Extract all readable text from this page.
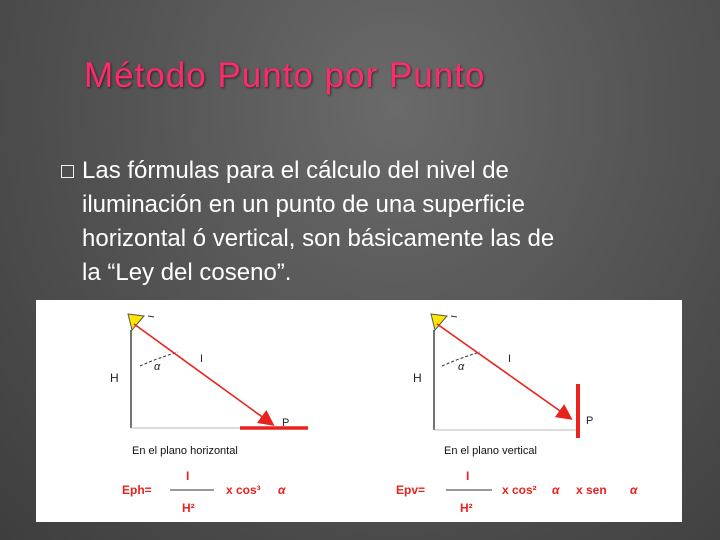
Método Punto por Punto
Las fórmulas para el cálculo del nivel de
iluminación en un punto de una superficie
horizontal ó vertical, son básicamente las de
la “Ley del coseno”.
H
I
α
P
En el plano horizontal
Eph=
I
H²
x cos³ α
H
I
α
P
En el plano vertical
Epv=
I
H²
x cos² α x sen α
